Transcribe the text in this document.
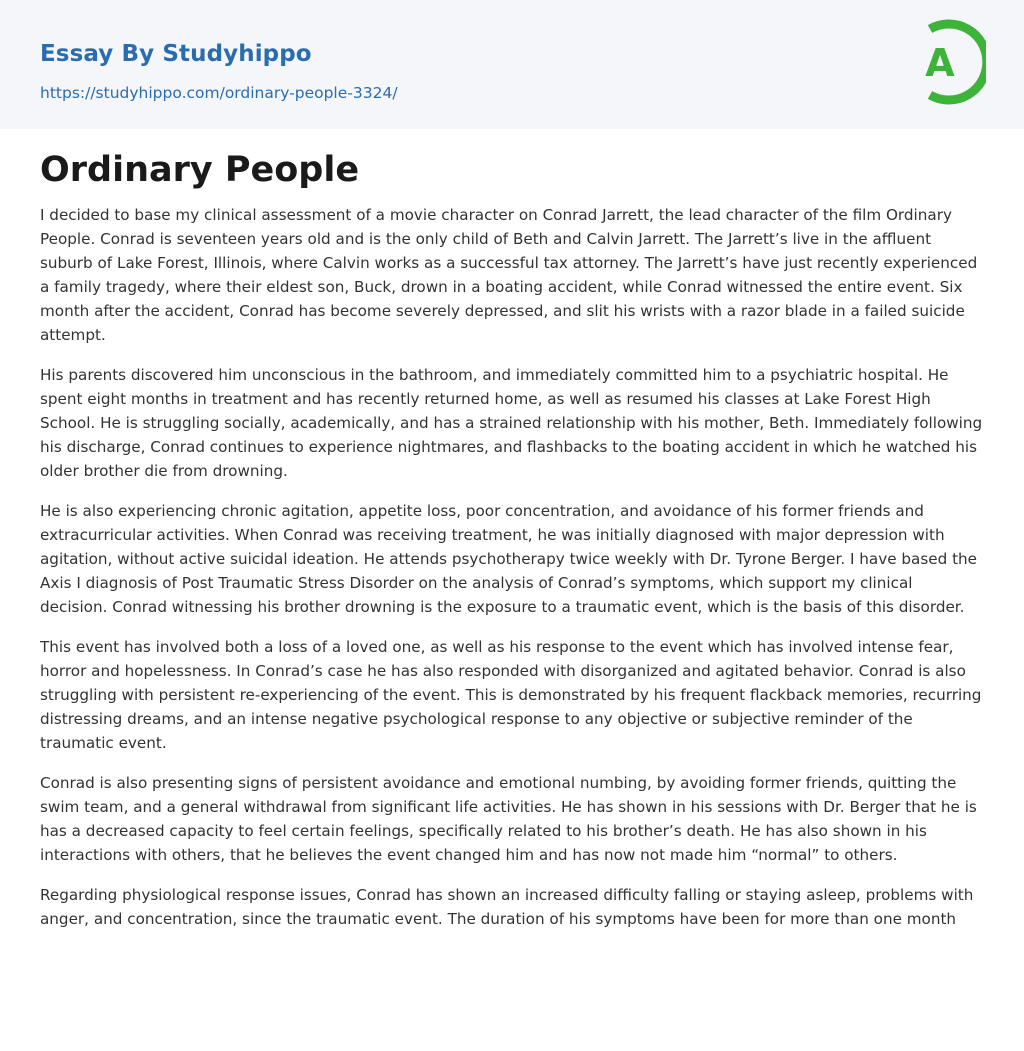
Essay By Studyhippo
https://studyhippo.com/ordinary-people-3324/
A
Ordinary People

I decided to base my clinical assessment of a movie character on Conrad Jarrett, the lead character of the film Ordinary People. Conrad is seventeen years old and is the only child of Beth and Calvin Jarrett. The Jarrett’s live in the affluent suburb of Lake Forest, Illinois, where Calvin works as a successful tax attorney. The Jarrett’s have just recently experienced a family tragedy, where their eldest son, Buck, drown in a boating accident, while Conrad witnessed the entire event. Six month after the accident, Conrad has become severely depressed, and slit his wrists with a razor blade in a failed suicide attempt.

His parents discovered him unconscious in the bathroom, and immediately committed him to a psychiatric hospital. He spent eight months in treatment and has recently returned home, as well as resumed his classes at Lake Forest High School. He is struggling socially, academically, and has a strained relationship with his mother, Beth. Immediately following his discharge, Conrad continues to experience nightmares, and flashbacks to the boating accident in which he watched his older brother die from drowning.

He is also experiencing chronic agitation, appetite loss, poor concentration, and avoidance of his former friends and extracurricular activities. When Conrad was receiving treatment, he was initially diagnosed with major depression with agitation, without active suicidal ideation. He attends psychotherapy twice weekly with Dr. Tyrone Berger. I have based the Axis I diagnosis of Post Traumatic Stress Disorder on the analysis of Conrad’s symptoms, which support my clinical decision. Conrad witnessing his brother drowning is the exposure to a traumatic event, which is the basis of this disorder.

This event has involved both a loss of a loved one, as well as his response to the event which has involved intense fear, horror and hopelessness. In Conrad’s case he has also responded with disorganized and agitated behavior. Conrad is also struggling with persistent re-experiencing of the event. This is demonstrated by his frequent flackback memories, recurring distressing dreams, and an intense negative psychological response to any objective or subjective reminder of the traumatic event.

Conrad is also presenting signs of persistent avoidance and emotional numbing, by avoiding former friends, quitting the swim team, and a general withdrawal from significant life activities. He has shown in his sessions with Dr. Berger that he is has a decreased capacity to feel certain feelings, specifically related to his brother’s death. He has also shown in his interactions with others, that he believes the event changed him and has now not made him “normal” to others.

Regarding physiological response issues, Conrad has shown an increased difficulty falling or staying asleep, problems with anger, and concentration, since the traumatic event. The duration of his symptoms have been for more than one month
